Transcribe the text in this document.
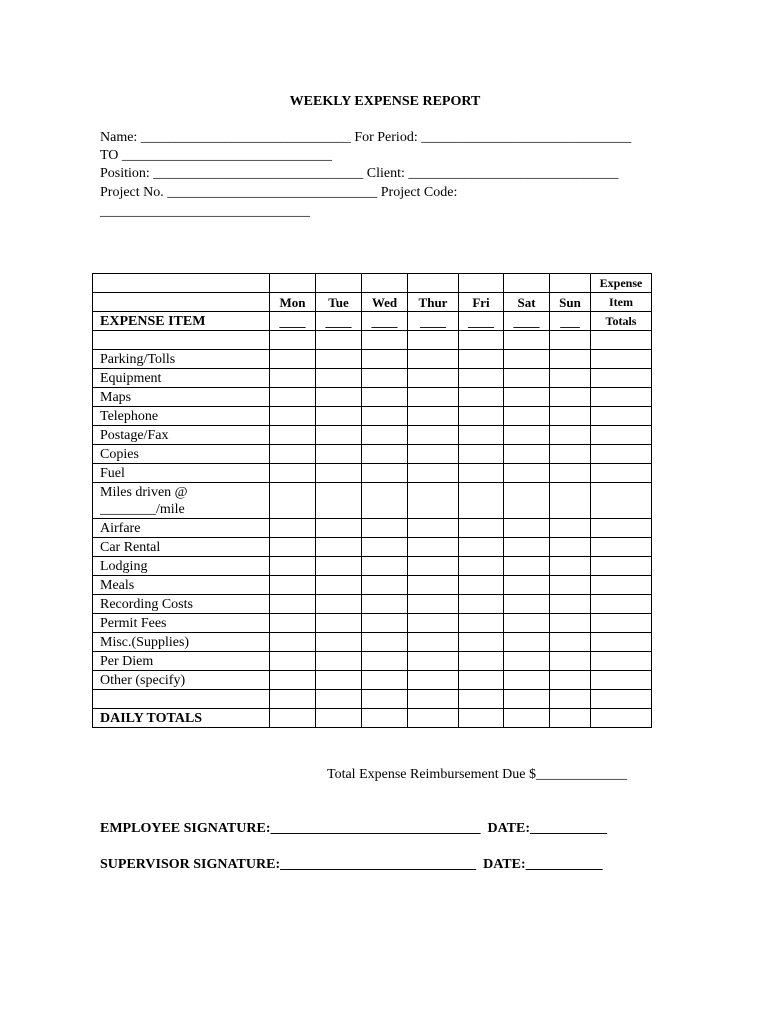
WEEKLY EXPENSE REPORT
Name: ______________________________ For Period: ______________________________
TO ______________________________
Position: ______________________________ Client: ______________________________
Project No. ______________________________ Project Code:
______________________________
								Expense
	Mon	Tue	Wed	Thur	Fri	Sat	Sun	Item
EXPENSE ITEM	____	____	____	____	____	____	___	Totals

Parking/Tolls								
Equipment								
Maps								
Telephone								
Postage/Fax								
Copies								
Fuel								
Miles driven @ ________/mile								
Airfare								
Car Rental								
Lodging								
Meals								
Recording Costs								
Permit Fees								
Misc.(Supplies)								
Per Diem								
Other (specify)								

DAILY TOTALS								
Total Expense Reimbursement Due $_____________
EMPLOYEE SIGNATURE:______________________________  DATE:___________
SUPERVISOR SIGNATURE:____________________________  DATE:___________
